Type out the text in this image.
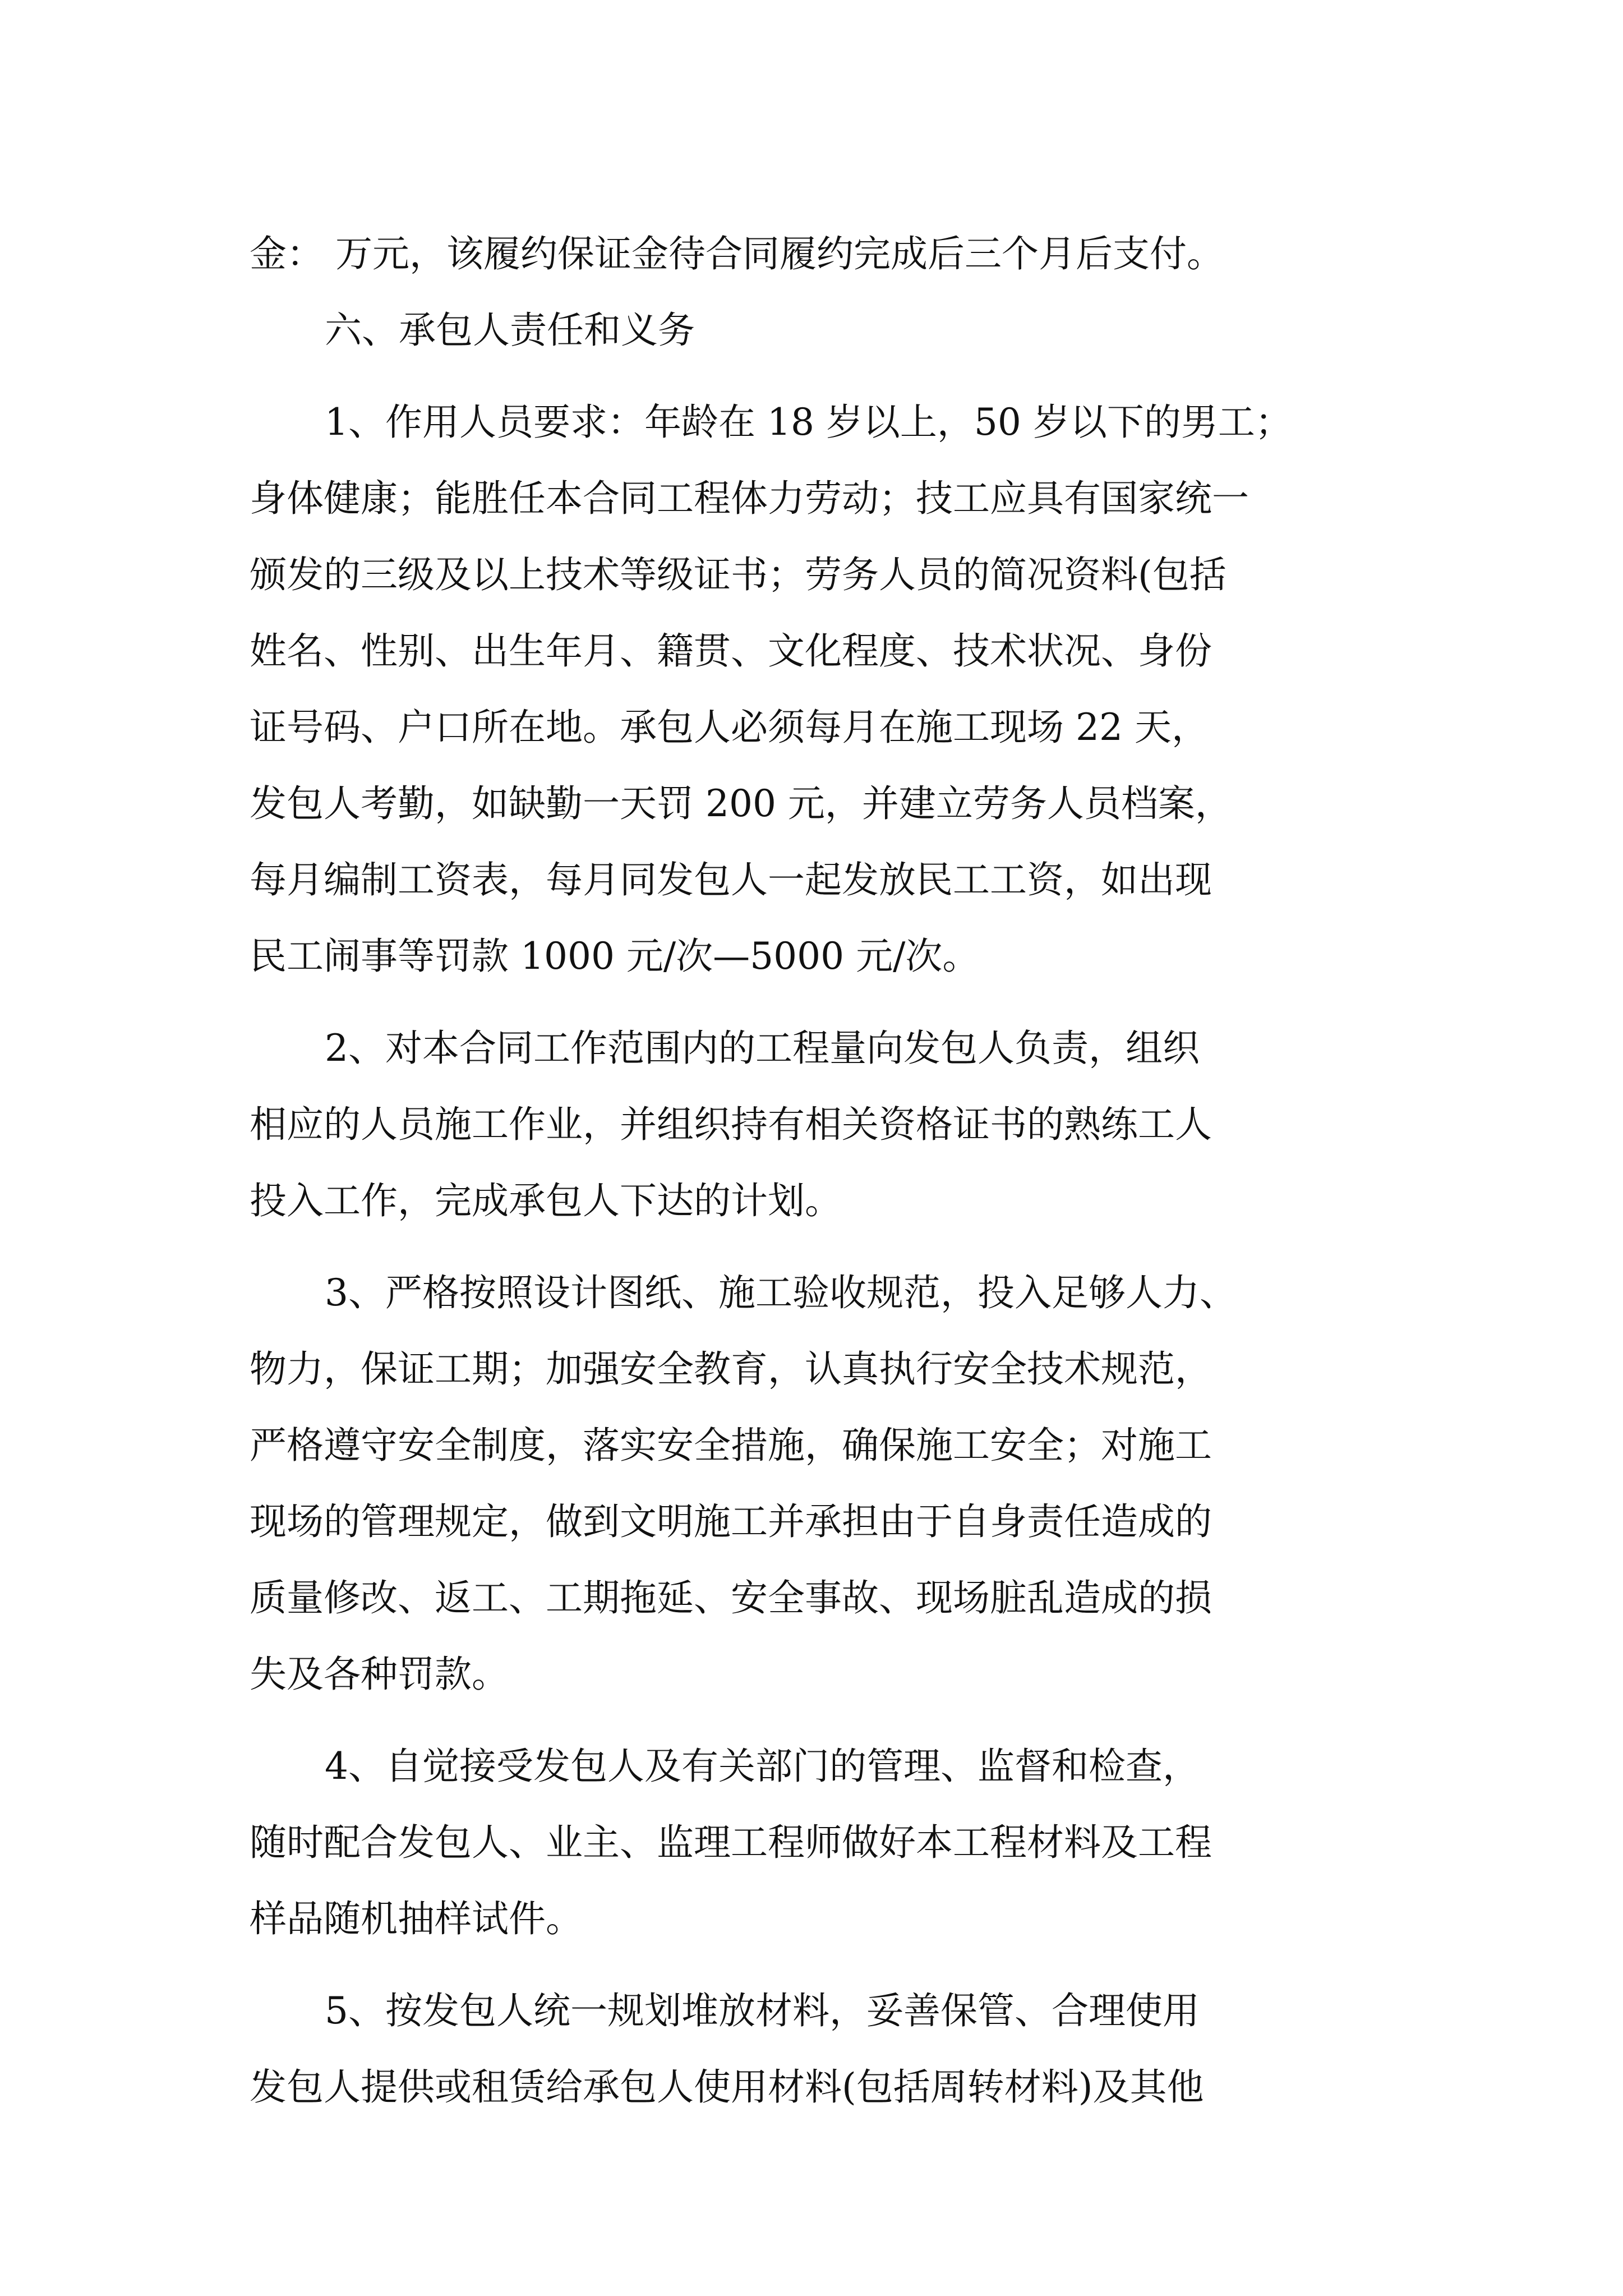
金： 万元，该履约保证金待合同履约完成后三个月后支付。
六、承包人责任和义务
1、作用人员要求：年龄在 18 岁以上，50 岁以下的男工；
身体健康；能胜任本合同工程体力劳动；技工应具有国家统一
颁发的三级及以上技术等级证书；劳务人员的简况资料(包括
姓名、性别、出生年月、籍贯、文化程度、技术状况、身份
证号码、户口所在地。承包人必须每月在施工现场 22 天，
发包人考勤，如缺勤一天罚 200 元，并建立劳务人员档案，
每月编制工资表，每月同发包人一起发放民工工资，如出现
民工闹事等罚款 1000 元/次—5000 元/次。
2、对本合同工作范围内的工程量向发包人负责，组织
相应的人员施工作业，并组织持有相关资格证书的熟练工人
投入工作，完成承包人下达的计划。
3、严格按照设计图纸、施工验收规范，投入足够人力、
物力，保证工期；加强安全教育，认真执行安全技术规范，
严格遵守安全制度，落实安全措施，确保施工安全；对施工
现场的管理规定，做到文明施工并承担由于自身责任造成的
质量修改、返工、工期拖延、安全事故、现场脏乱造成的损
失及各种罚款。
4、自觉接受发包人及有关部门的管理、监督和检查，
随时配合发包人、业主、监理工程师做好本工程材料及工程
样品随机抽样试件。
5、按发包人统一规划堆放材料，妥善保管、合理使用
发包人提供或租赁给承包人使用材料(包括周转材料)及其他
